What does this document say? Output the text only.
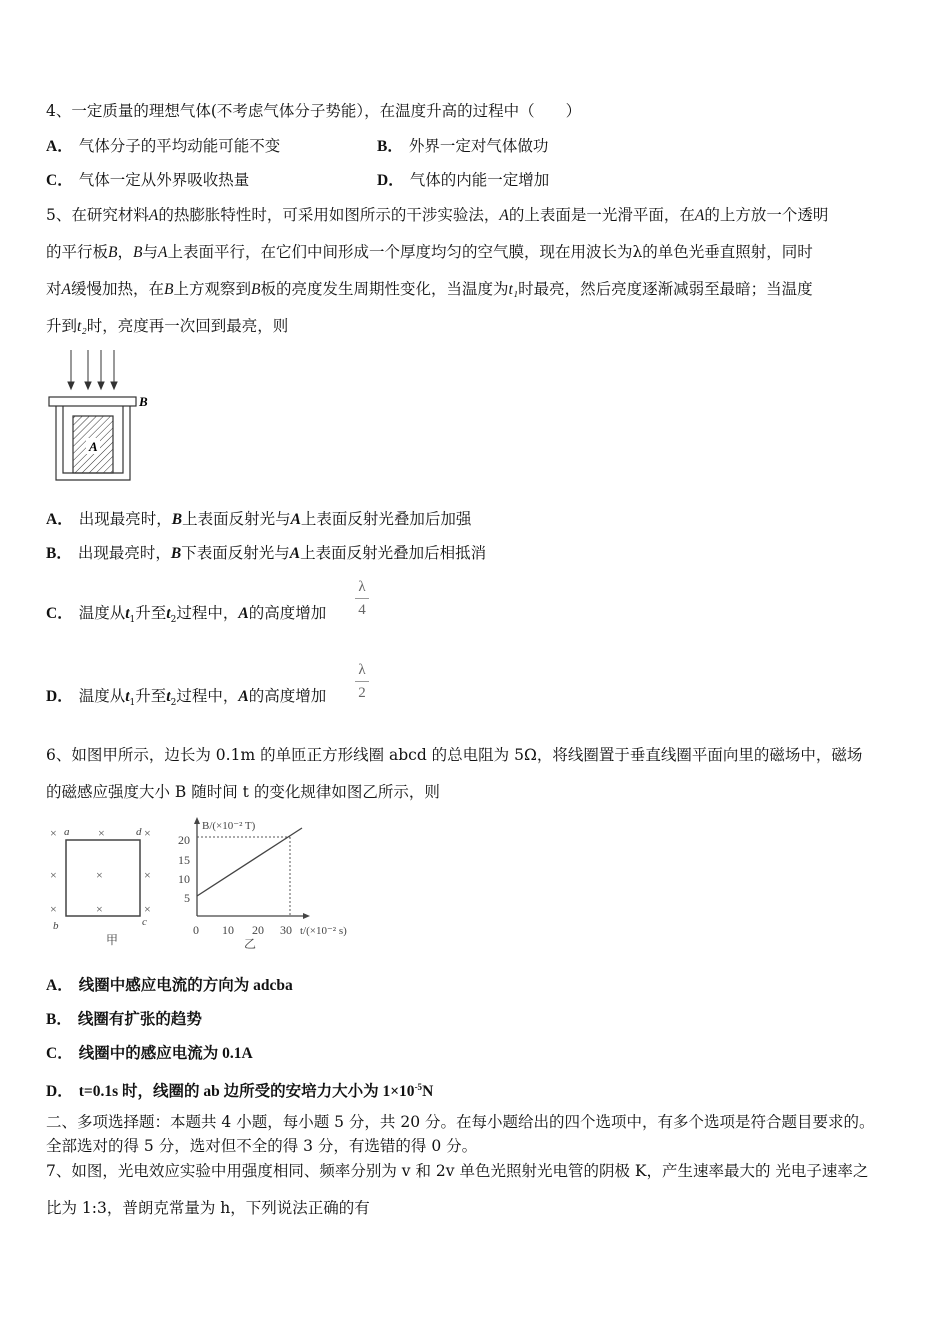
4、一定质量的理想气体(不考虑气体分子势能），在温度升高的过程中（　　）
A． 气体分子的平均动能可能不变	B． 外界一定对气体做功
C． 气体一定从外界吸收热量	D． 气体的内能一定增加
5、在研究材料A的热膨胀特性时，可采用如图所示的干涉实验法，A的上表面是一光滑平面，在A的上方放一个透明
的平行板B，B与A上表面平行，在它们中间形成一个厚度均匀的空气膜，现在用波长为λ的单色光垂直照射，同时
对A缓慢加热，在B上方观察到B板的亮度发生周期性变化，当温度为t₁时最亮，然后亮度逐渐减弱至最暗；当温度
升到t₂时，亮度再一次回到最亮，则
B
A
A． 出现最亮时，B上表面反射光与A上表面反射光叠加后加强
B． 出现最亮时，B下表面反射光与A上表面反射光叠加后相抵消
C． 温度从$t_1$升至$t_2$过程中，A的高度增加
λ
4
D． 温度从$t_1$升至$t_2$过程中，A的高度增加
λ
2
6、如图甲所示，边长为 0.1m 的单匝正方形线圈 abcd 的总电阻为 5Ω，将线圈置于垂直线圈平面向里的磁场中，磁场
的磁感应强度大小 B 随时间 t 的变化规律如图乙所示，则
×	×	×
×	×	×
×	×	×
a	d
b	c
甲
B/(×10⁻² T)
20
15
10
5
0 10 20 30 t/(×10⁻² s)
乙
A． 线圈中感应电流的方向为 adcba
B． 线圈有扩张的趋势
C． 线圈中的感应电流为 0.1A
D． t=0.1s 时，线圈的 ab 边所受的安培力大小为 $1\times 10^{-5}N$
二、多项选择题：本题共 4 小题，每小题 5 分，共 20 分。在每小题给出的四个选项中，有多个选项是符合题目要求的。
全部选对的得 5 分，选对但不全的得 3 分，有选错的得 0 分。
7、如图，光电效应实验中用强度相同、频率分别为 v 和 2v 单色光照射光电管的阴极 K，产生速率最大的 光电子速率之
比为 1:3，普朗克常量为 h，下列说法正确的有
